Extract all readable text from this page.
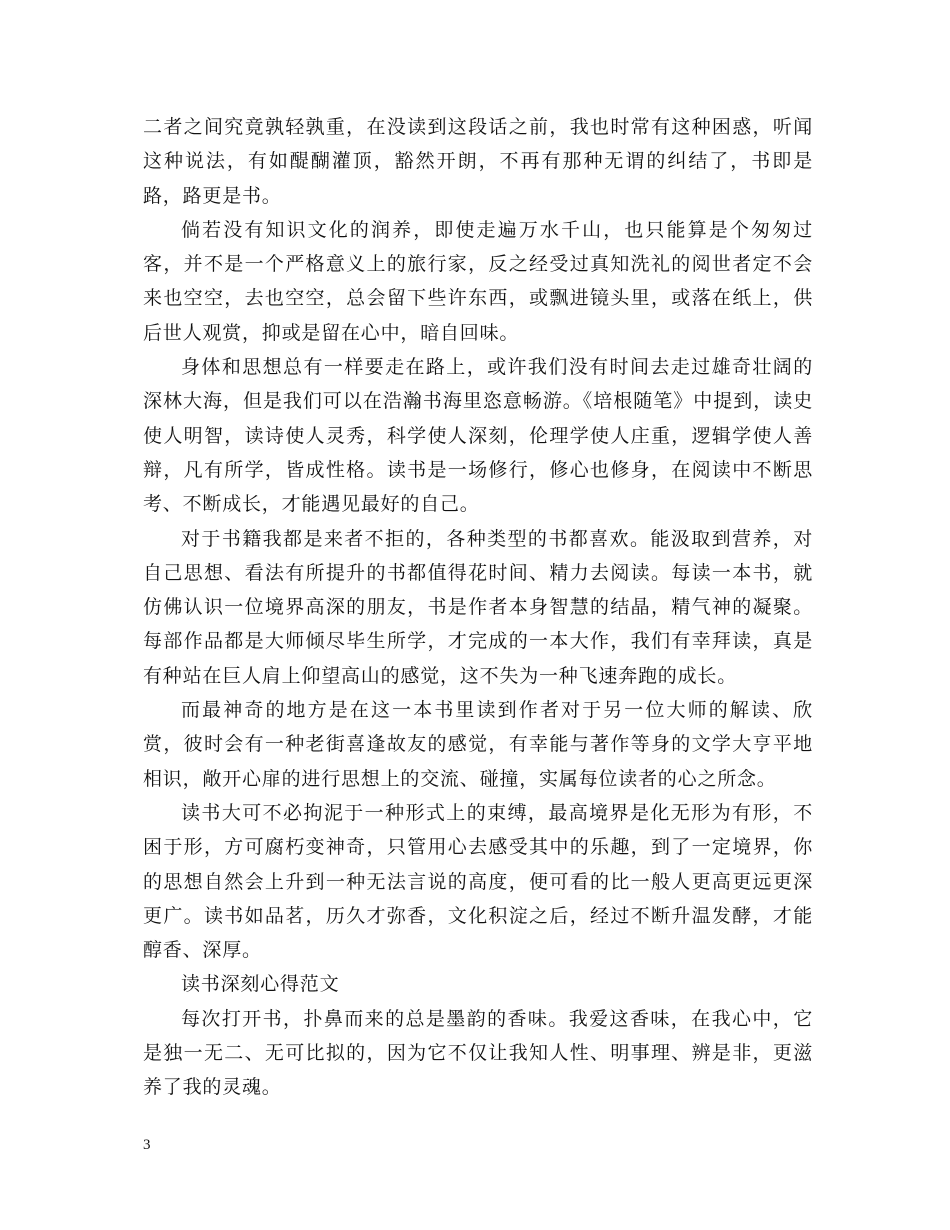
二者之间究竟孰轻孰重，在没读到这段话之前，我也时常有这种困惑，听闻这种说法，有如醍醐灌顶，豁然开朗，不再有那种无谓的纠结了，书即是路，路更是书。

倘若没有知识文化的润养，即使走遍万水千山，也只能算是个匆匆过客，并不是一个严格意义上的旅行家，反之经受过真知洗礼的阅世者定不会来也空空，去也空空，总会留下些许东西，或飘进镜头里，或落在纸上，供后世人观赏，抑或是留在心中，暗自回味。

身体和思想总有一样要走在路上，或许我们没有时间去走过雄奇壮阔的深林大海，但是我们可以在浩瀚书海里恣意畅游。《培根随笔》中提到，读史使人明智，读诗使人灵秀，科学使人深刻，伦理学使人庄重，逻辑学使人善辩，凡有所学，皆成性格。读书是一场修行，修心也修身，在阅读中不断思考、不断成长，才能遇见最好的自己。

对于书籍我都是来者不拒的，各种类型的书都喜欢。能汲取到营养，对自己思想、看法有所提升的书都值得花时间、精力去阅读。每读一本书，就仿佛认识一位境界高深的朋友，书是作者本身智慧的结晶，精气神的凝聚。每部作品都是大师倾尽毕生所学，才完成的一本大作，我们有幸拜读，真是有种站在巨人肩上仰望高山的感觉，这不失为一种飞速奔跑的成长。

而最神奇的地方是在这一本书里读到作者对于另一位大师的解读、欣赏，彼时会有一种老街喜逢故友的感觉，有幸能与著作等身的文学大亨平地相识，敞开心扉的进行思想上的交流、碰撞，实属每位读者的心之所念。

读书大可不必拘泥于一种形式上的束缚，最高境界是化无形为有形，不困于形，方可腐朽变神奇，只管用心去感受其中的乐趣，到了一定境界，你的思想自然会上升到一种无法言说的高度，便可看的比一般人更高更远更深更广。读书如品茗，历久才弥香，文化积淀之后，经过不断升温发酵，才能醇香、深厚。

读书深刻心得范文

每次打开书，扑鼻而来的总是墨韵的香味。我爱这香味，在我心中，它是独一无二、无可比拟的，因为它不仅让我知人性、明事理、辨是非，更滋养了我的灵魂。

3
